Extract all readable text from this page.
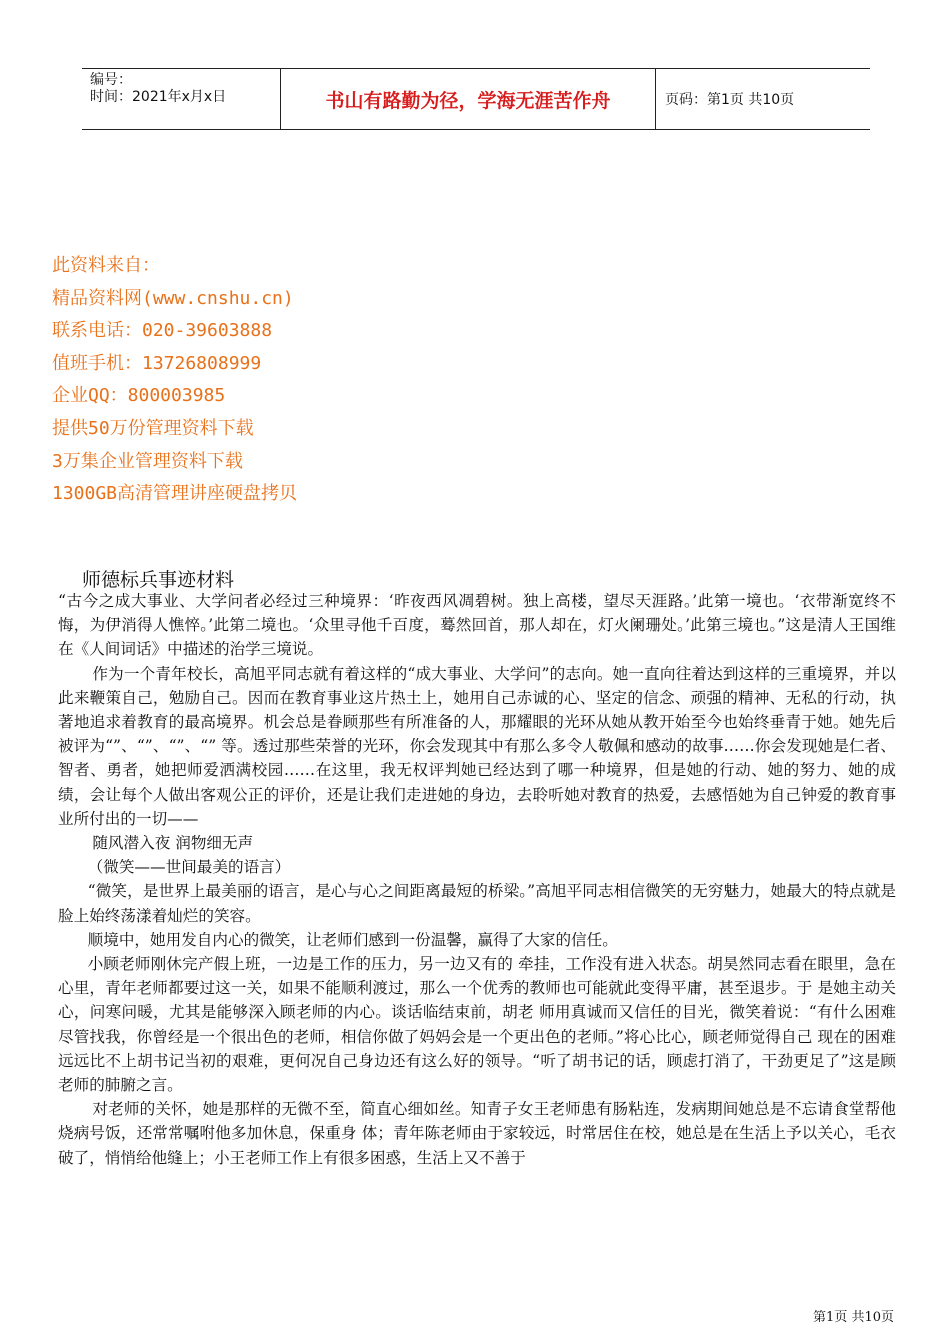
编号：
时间：2021年x月x日	书山有路勤为径，学海无涯苦作舟	页码：第1页 共10页
此资料来自：
精品资料网(www.cnshu.cn)
联系电话：020-39603888
值班手机：13726808999
企业QQ：800003985
提供50万份管理资料下载
3万集企业管理资料下载
1300GB高清管理讲座硬盘拷贝
师德标兵事迹材料

“古今之成大事业、大学问者必经过三种境界：‘昨夜西风凋碧树。独上高楼，望尽天涯路。’此第一境也。‘衣带渐宽终不悔，为伊消得人憔悴。’此第二境也。‘众里寻他千百度，蓦然回首，那人却在，灯火阑珊处。’此第三境也。”这是清人王国维在《人间词话》中描述的治学三境说。

作为一个青年校长，高旭平同志就有着这样的“成大事业、大学问”的志向。她一直向往着达到这样的三重境界，并以此来鞭策自己，勉励自己。因而在教育事业这片热土上，她用自己赤诚的心、坚定的信念、顽强的精神、无私的行动，执著地追求着教育的最高境界。机会总是眷顾那些有所准备的人，那耀眼的光环从她从教开始至今也始终垂青于她。她先后被评为“”、“”、“”、“” 等。透过那些荣誉的光环，你会发现其中有那么多令人敬佩和感动的故事……你会发现她是仁者、智者、勇者，她把师爱洒满校园……在这里，我无权评判她已经达到了哪一种境界，但是她的行动、她的努力、她的成绩，会让每个人做出客观公正的评价，还是让我们走进她的身边，去聆听她对教育的热爱，去感悟她为自己钟爱的教育事业所付出的一切——

随风潜入夜 润物细无声

（微笑——世间最美的语言）

“微笑，是世界上最美丽的语言，是心与心之间距离最短的桥梁。”高旭平同志相信微笑的无穷魅力，她最大的特点就是脸上始终荡漾着灿烂的笑容。

顺境中，她用发自内心的微笑，让老师们感到一份温馨，赢得了大家的信任。

小顾老师刚休完产假上班，一边是工作的压力，另一边又有的 牵挂，工作没有进入状态。胡昊然同志看在眼里，急在心里，青年老师都要过这一关，如果不能顺利渡过，那么一个优秀的教师也可能就此变得平庸，甚至退步。于 是她主动关心，问寒问暖，尤其是能够深入顾老师的内心。谈话临结束前，胡老 师用真诚而又信任的目光，微笑着说：“有什么困难尽管找我，你曾经是一个很出色的老师，相信你做了妈妈会是一个更出色的老师。”将心比心，顾老师觉得自己 现在的困难远远比不上胡书记当初的艰难，更何况自己身边还有这么好的领导。“听了胡书记的话，顾虑打消了，干劲更足了”这是顾老师的肺腑之言。

对老师的关怀，她是那样的无微不至，简直心细如丝。知青子女王老师患有肠粘连，发病期间她总是不忘请食堂帮他烧病号饭，还常常嘱咐他多加休息，保重身 体；青年陈老师由于家较远，时常居住在校，她总是在生活上予以关心，毛衣破了，悄悄给他缝上；小王老师工作上有很多困惑，生活上又不善于

第1页 共10页
